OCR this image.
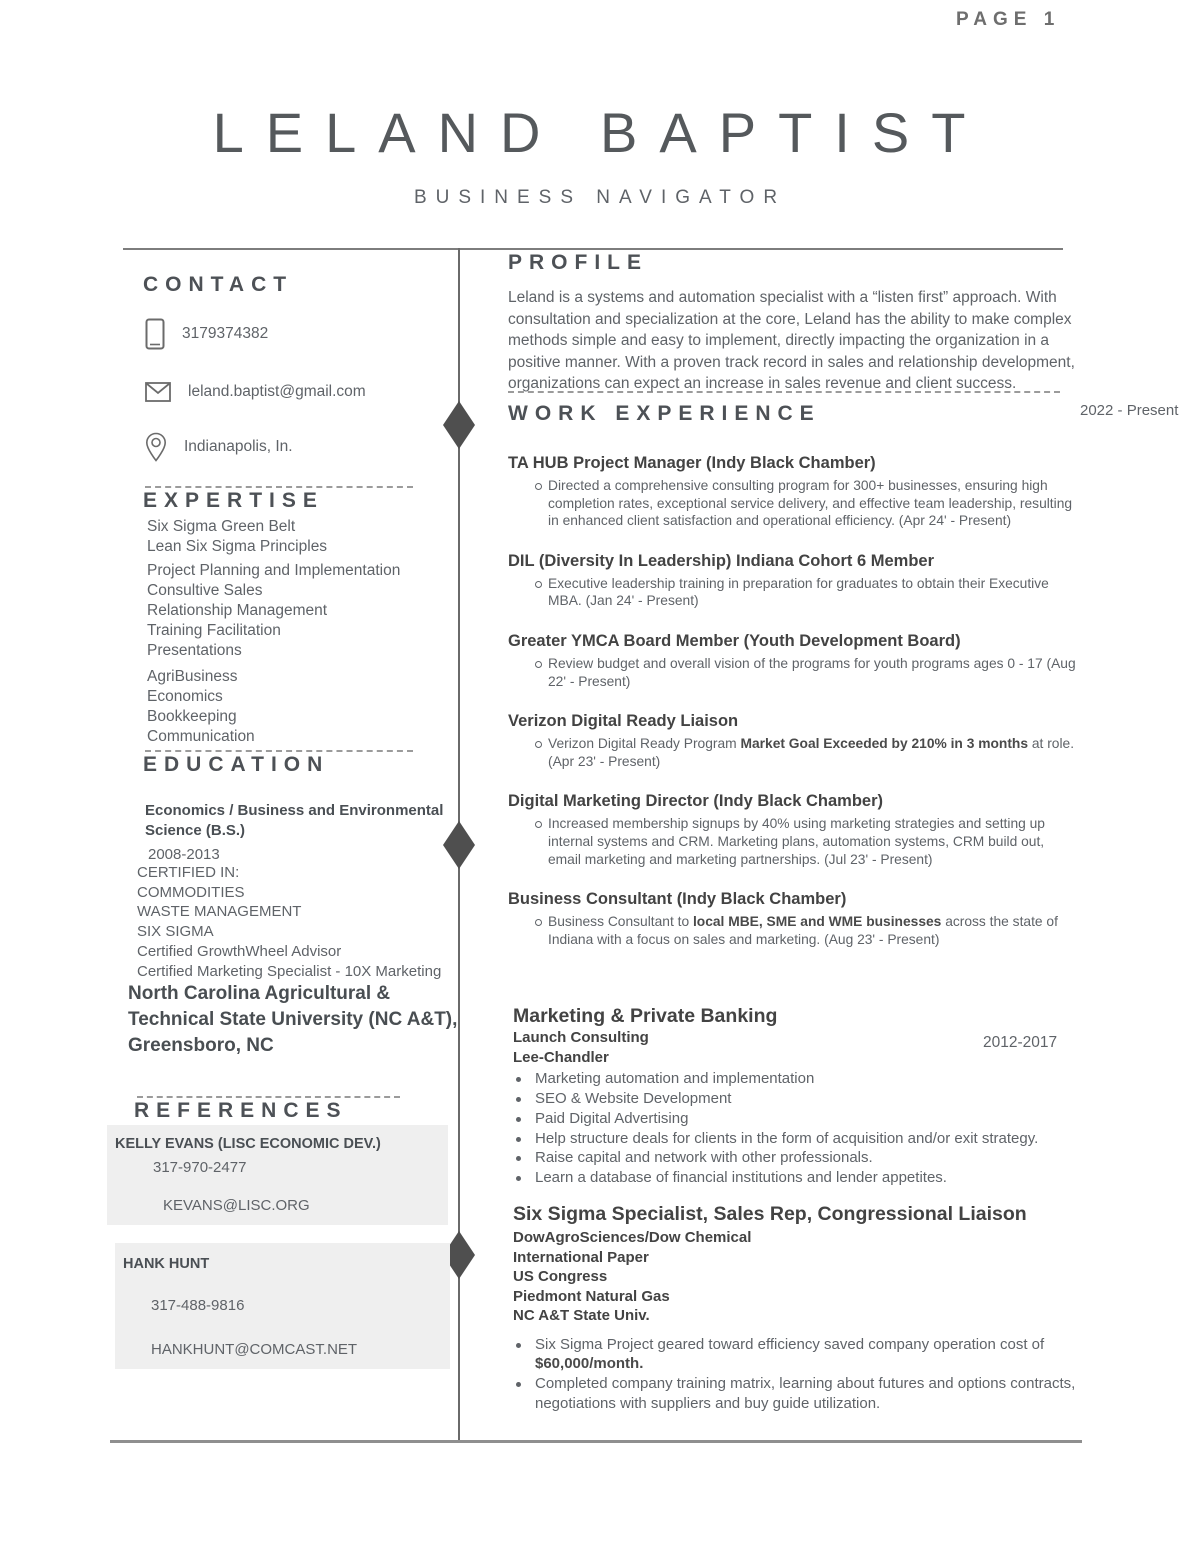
PAGE 1
LELAND BAPTIST
BUSINESS NAVIGATOR
CONTACT
3179374382
leland.baptist@gmail.com
Indianapolis, In.
EXPERTISE
Six Sigma Green Belt
Lean Six Sigma Principles
Project Planning and Implementation
Consultive Sales
Relationship Management
Training Facilitation
Presentations
AgriBusiness
Economics
Bookkeeping
Communication
EDUCATION
Economics / Business and Environmental Science (B.S.)
2008-2013
CERTIFIED IN:
COMMODITIES
WASTE MANAGEMENT
SIX SIGMA
Certified GrowthWheel Advisor
Certified Marketing Specialist - 10X Marketing
North Carolina Agricultural & Technical State University (NC A&T), Greensboro, NC
REFERENCES
KELLY EVANS (LISC ECONOMIC DEV.)
317-970-2477
KEVANS@LISC.ORG
HANK HUNT
317-488-9816
HANKHUNT@COMCAST.NET
PROFILE

Leland is a systems and automation specialist with a “listen first” approach. With consultation and specialization at the core, Leland has the ability to make complex methods simple and easy to implement, directly impacting the organization in a positive manner. With a proven track record in sales and relationship development, organizations can expect an increase in sales revenue and client success.

WORK EXPERIENCE	2022 - Present
TA HUB Project Manager (Indy Black Chamber)
Directed a comprehensive consulting program for 300+ businesses, ensuring high completion rates, exceptional service delivery, and effective team leadership, resulting in enhanced client satisfaction and operational efficiency. (Apr 24' - Present)
DIL (Diversity In Leadership) Indiana Cohort 6 Member
Executive leadership training in preparation for graduates to obtain their Executive MBA. (Jan 24' - Present)
Greater YMCA Board Member (Youth Development Board)
Review budget and overall vision of the programs for youth programs ages 0 - 17 (Aug 22' - Present)
Verizon Digital Ready Liaison
Verizon Digital Ready Program Market Goal Exceeded by 210% in 3 months at role. (Apr 23' - Present)
Digital Marketing Director (Indy Black Chamber)
Increased membership signups by 40% using marketing strategies and setting up internal systems and CRM. Marketing plans, automation systems, CRM build out, email marketing and marketing partnerships. (Jul 23' - Present)
Business Consultant (Indy Black Chamber)
Business Consultant to local MBE, SME and WME businesses across the state of Indiana with a focus on sales and marketing. (Aug 23' - Present)
Marketing & Private Banking
2012-2017
Launch Consulting
Lee-Chandler
Marketing automation and implementation
SEO & Website Development
Paid Digital Advertising
Help structure deals for clients in the form of acquisition and/or exit strategy.
Raise capital and network with other professionals.
Learn a database of financial institutions and lender appetites.
Six Sigma Specialist, Sales Rep, Congressional Liaison
DowAgroSciences/Dow Chemical
International Paper
US Congress
Piedmont Natural Gas
NC A&T State Univ.
Six Sigma Project geared toward efficiency saved company operation cost of $60,000/month.
Completed company training matrix, learning about futures and options contracts, negotiations with suppliers and buy guide utilization.
